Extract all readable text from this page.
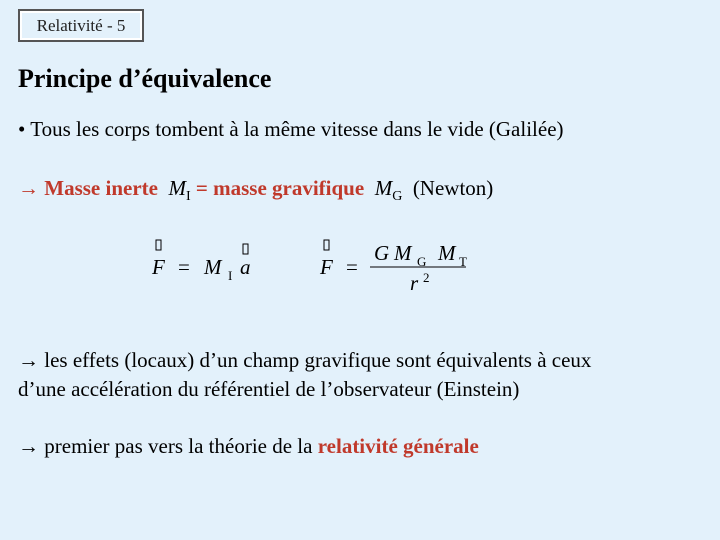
Relativité - 5
Principe d’équivalence
• Tous les corps tombent à la même vitesse dans le vide (Galilée)
→ Masse inerte $M_I$ = masse gravifique $M_G$ (Newton)
F = M I a	F =
G M G M T
r 2
→ les effets (locaux) d’un champ gravifique sont équivalents à ceux
d’une accélération du référentiel de l’observateur (Einstein)
→ premier pas vers la théorie de la relativité générale
